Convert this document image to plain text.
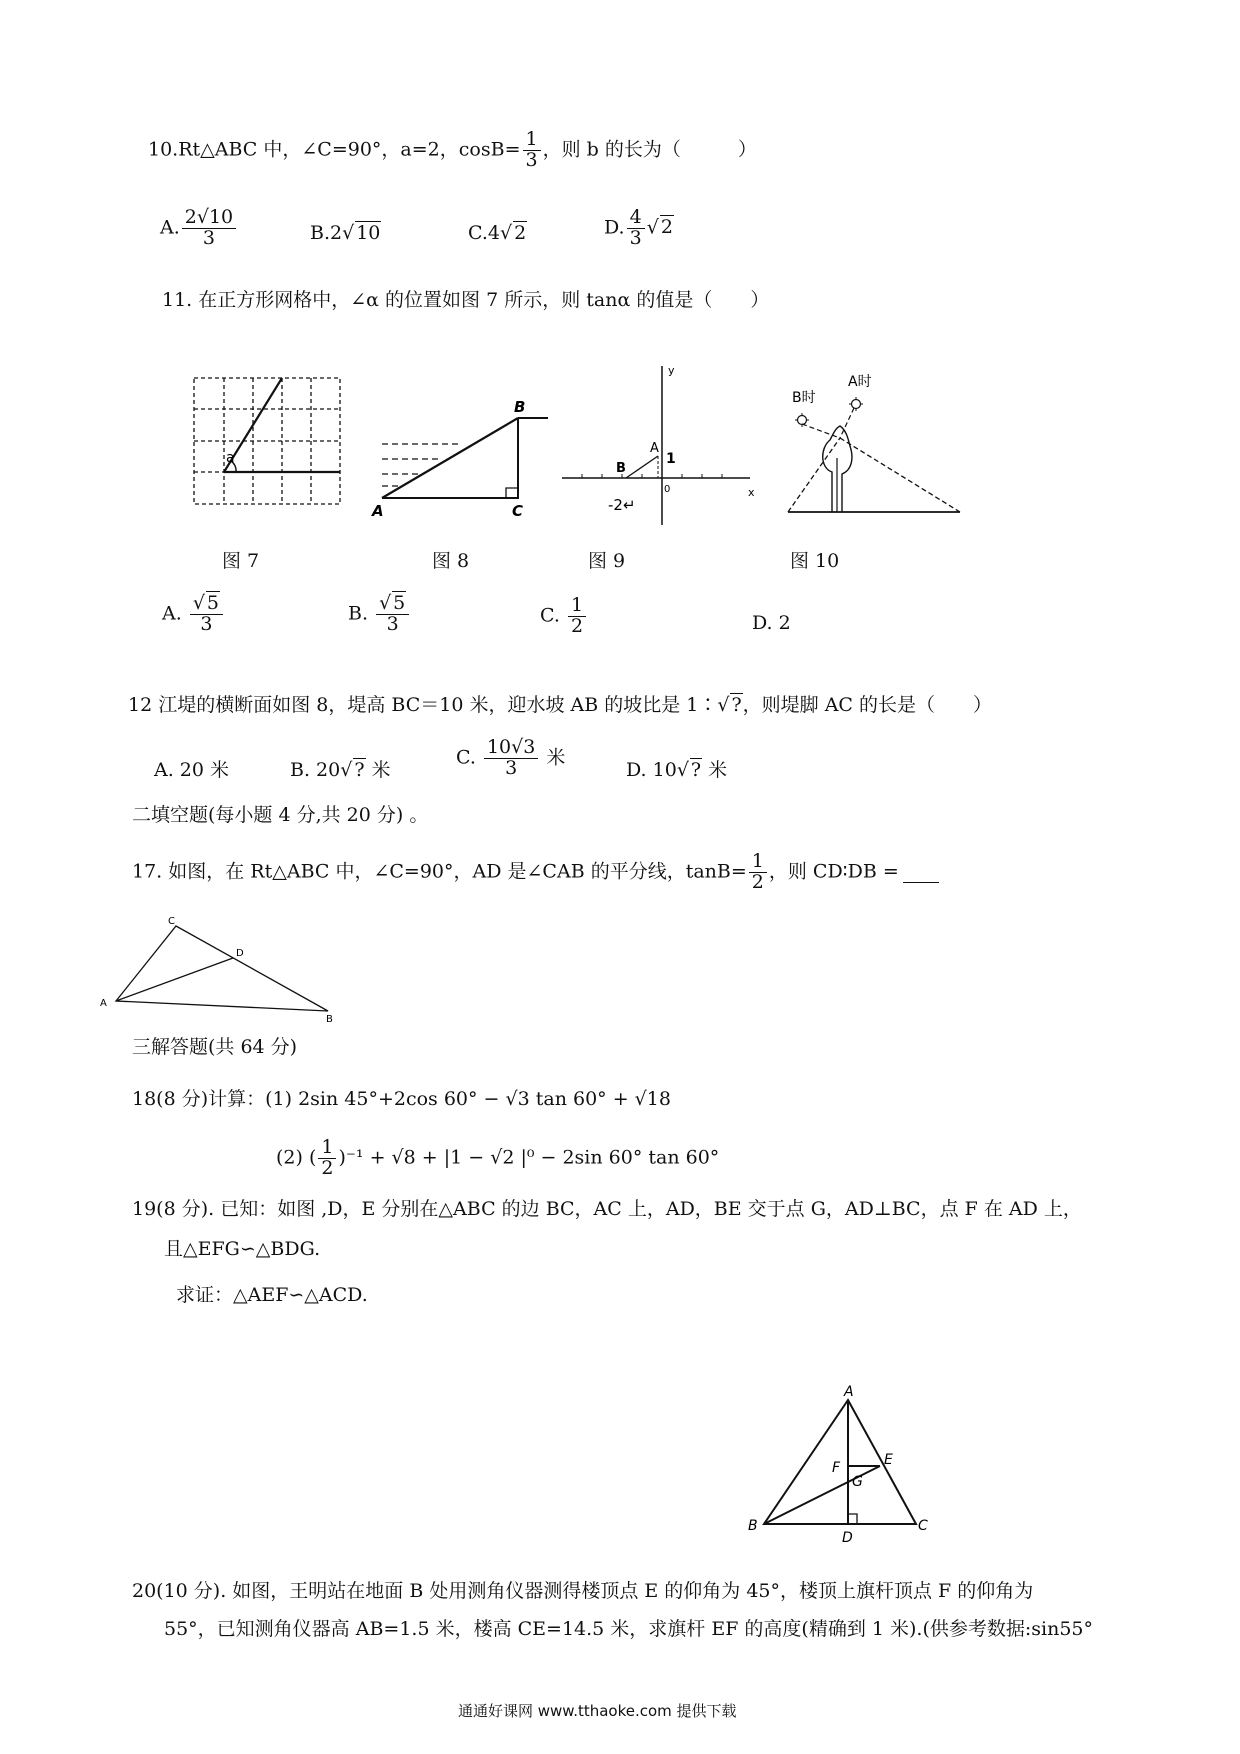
10.Rt△ABC 中，∠C=90°，a=2，$\cos B= \frac{1}{3}$ ，则 b 的长为（　　　）
A. $\frac{2√10}{3}$	B.2√ 10	C.4√ 2	D. $\frac{4}{3}$ √ 2
11. 在正方形网格中，∠α 的位置如图 7 所示，则 tanα 的值是（　　）
a
A
B
C
y
x
0
A
B
1
-2↵
B时
A时
图 7	图 8	图 9	图 10
A. $\frac{√ 5}{3}$	B. $\frac{√ 5}{3}$	C. $\frac{1}{2}$	D. 2
12 江堤的横断面如图 8，堤高 BC＝10 米，迎水坡 AB 的坡比是 1∶√ ?，则堤脚 AC 的长是（　　）
A. 20 米	B. 20√ ? 米
C. $\frac{10√3}{3}$ 米
D. 10√ ? 米
二填空题(每小题 4 分,共 20 分) 。
17. 如图，在 Rt△ABC 中，∠C=90°，AD 是∠CAB 的平分线，$\tan B= \frac{1}{2}$ ，则 CD∶DB =
C
D
A
B
三解答题(共 64 分)
18(8 分)计算：(1) 2sin 45°+2cos 60° − √3 tan 60° + √18
(2) ( $\frac{1}{2} )^{-1} + √8 + |1 - √2$ |⁰ − 2sin 60° tan 60°
19(8 分). 已知：如图 ,D，E 分别在△ABC 的边 BC，AC 上，AD，BE 交于点 G，AD⊥BC，点 F 在 AD 上，
且△EFG∽△BDG.
求证：△AEF∽△ACD.
A
B	C
D
E
F
G
20(10 分). 如图，王明站在地面 B 处用测角仪器测得楼顶点 E 的仰角为 45°，楼顶上旗杆顶点 F 的仰角为
55°，已知测角仪器高 AB=1.5 米，楼高 CE=14.5 米，求旗杆 EF 的高度(精确到 1 米).(供参考数据:sin55°
通通好课网 www.tthaoke.com 提供下载
